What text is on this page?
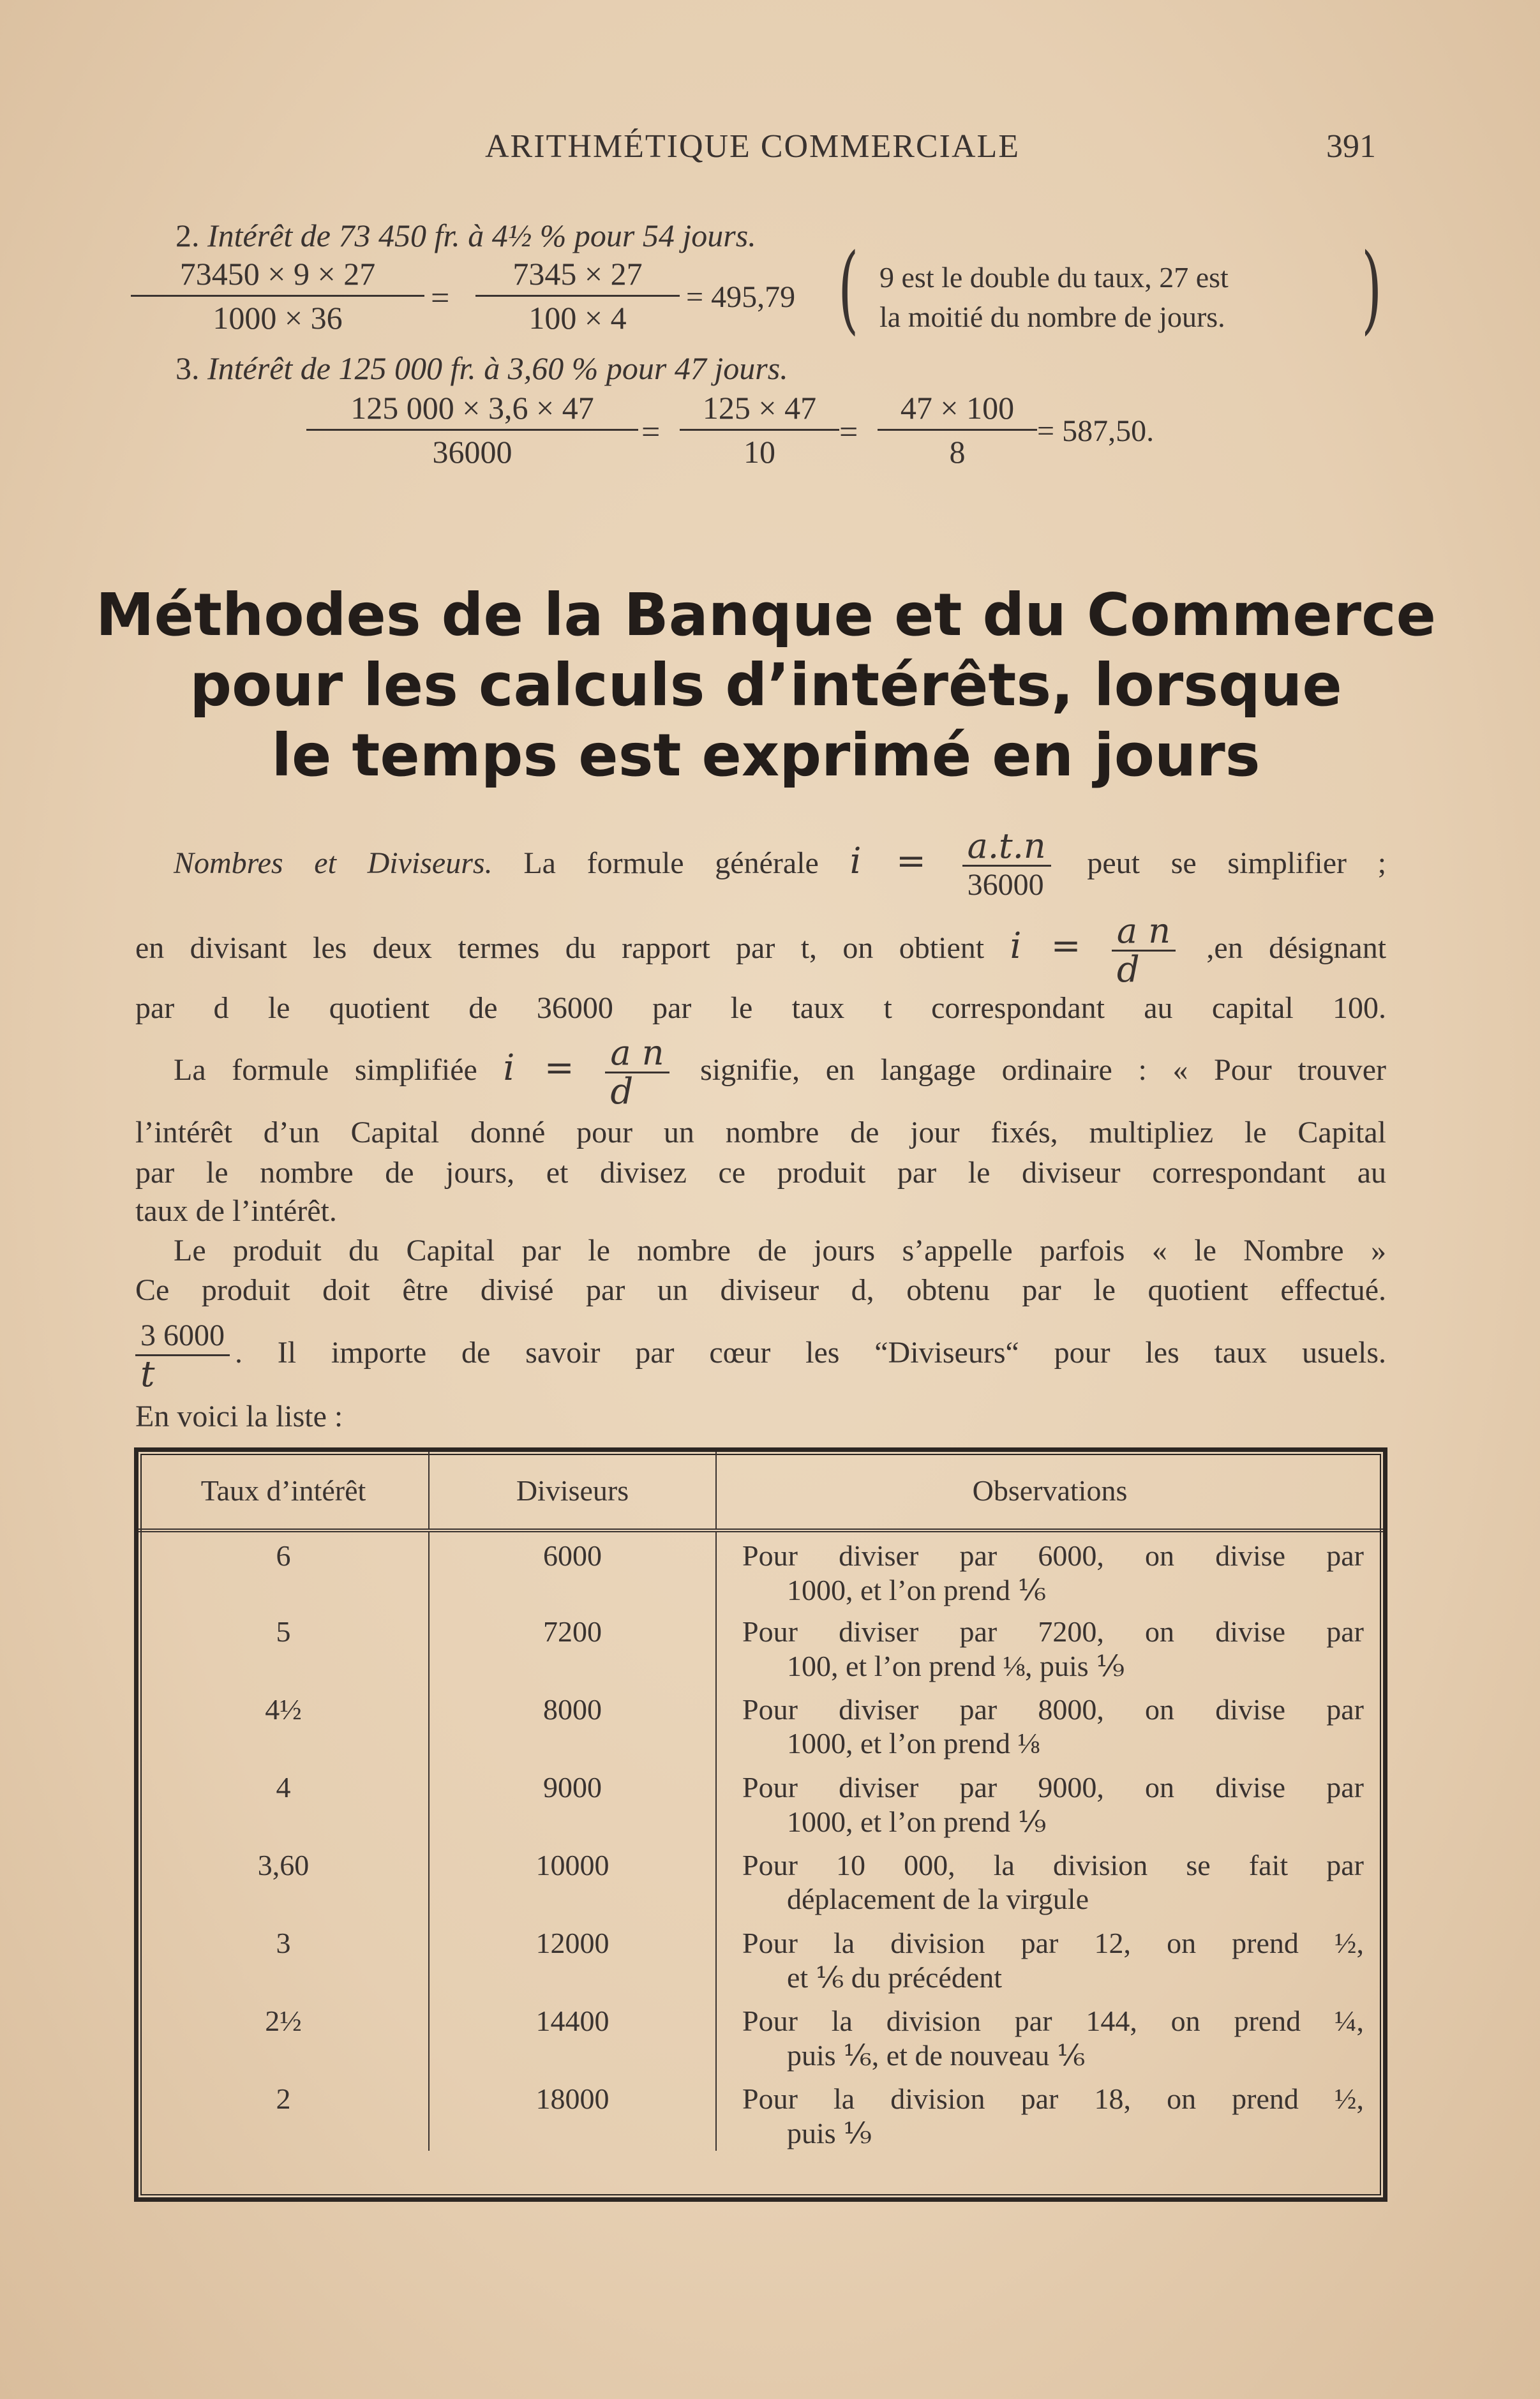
ARITHMÉTIQUE COMMERCIALE	391
2. Intérêt de 73 450 fr. à 4½ % pour 54 jours.
$\frac{73450 \times 9 \times 27}{1000 \times 36} = \frac{7345 \times 27}{100 \times 4} = 495,79$ ( 9 est le double du taux, 27 est
la moitié du nombre de jours. )
3. Intérêt de 125 000 fr. à 3,60 % pour 47 jours.
$\frac{125 000 \times 3,6 \times 47}{36000} = \frac{125 \times 47}{10} = \frac{47 \times 100}{8} = 587,50$.
Méthodes de la Banque et du Commerce
pour les calculs d’intérêts, lorsque
le temps est exprimé en jours
Nombres et Diviseurs. La formule générale $i = \frac{a.t.n}{36000}$ peut se simplifier ;
en divisant les deux termes du rapport par t, on obtient $i = \frac{\text{a n}}{d} ,en$ désignant
par d le quotient de 36000 par le taux t correspondant au capital 100.
La formule simplifiée $i = \frac{\text{a n}}{d}$ signifie, en langage ordinaire : « Pour trouver
l’intérêt d’un Capital donné pour un nombre de jour fixés, multipliez le Capital
par le nombre de jours, et divisez ce produit par le diviseur correspondant au
taux de l’intérêt.
Le produit du Capital par le nombre de jours s’appelle parfois « le Nombre »
Ce produit doit être divisé par un diviseur d, obtenu par le quotient effectué.
$\frac{3 6000}{t}$ . Il importe de savoir par cœur les “Diviseurs“ pour les taux usuels.
En voici la liste :
Taux d’intérêt	Diviseurs	Observations
6	6000	Pour diviser par 6000, on divise par
1000, et l’on prend ⅙

5	7200	Pour diviser par 7200, on divise par
100, et l’on prend ⅛, puis ⅑

4½	8000	Pour diviser par 8000, on divise par
1000, et l’on prend ⅛

4	9000	Pour diviser par 9000, on divise par
1000, et l’on prend ⅑

3,60	10000	Pour 10 000, la division se fait par
déplacement de la virgule

3	12000	Pour la division par 12, on prend ½,
et ⅙ du précédent

2½	14400	Pour la division par 144, on prend ¼,
puis ⅙, et de nouveau ⅙

2	18000	Pour la division par 18, on prend ½,
puis ⅑
